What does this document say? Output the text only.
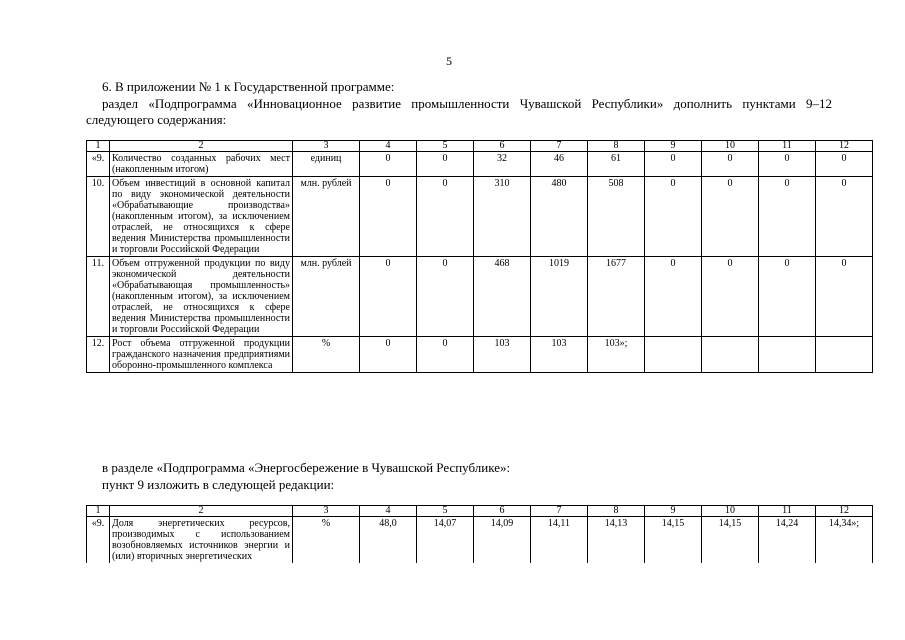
5
6. В приложении № 1 к Государственной программе:
раздел «Подпрограмма «Инновационное развитие промышленности Чувашской Республики» дополнить пунктами 9–12
следующего содержания:
1	2	3	4	5	6	7	8	9	10	11	12
«9.	Количество созданных рабочих мест (накопленным итогом)	единиц	0	0	32	46	61	0	0	0	0
10.	Объем инвестиций в основной капитал по виду экономической деятельности «Обрабатывающие производства» (накопленным итогом), за исключением отраслей, не относящихся к сфере ведения Министерства промышленности и торговли Российской Федерации	млн. рублей	0	0	310	480	508	0	0	0	0
11.	Объем отгруженной продукции по виду экономической деятельности «Обрабатывающая промышленность» (накопленным итогом), за исключением отраслей, не относящихся к сфере ведения Министерства промышленности и торговли Российской Федерации	млн. рублей	0	0	468	1019	1677	0	0	0	0
12.	Рост объема отгруженной продукции гражданского назначения предприятиями оборонно-промышленного комплекса	%	0	0	103	103	103»;				
в разделе «Подпрограмма «Энергосбережение в Чувашской Республике»:
пункт 9 изложить в следующей редакции:
1	2	3	4	5	6	7	8	9	10	11	12
«9.	Доля энергетических ресурсов, производимых с использованием возобновляемых источников энергии и (или) вторичных энергетических	%	48,0	14,07	14,09	14,11	14,13	14,15	14,15	14,24	14,34»;
